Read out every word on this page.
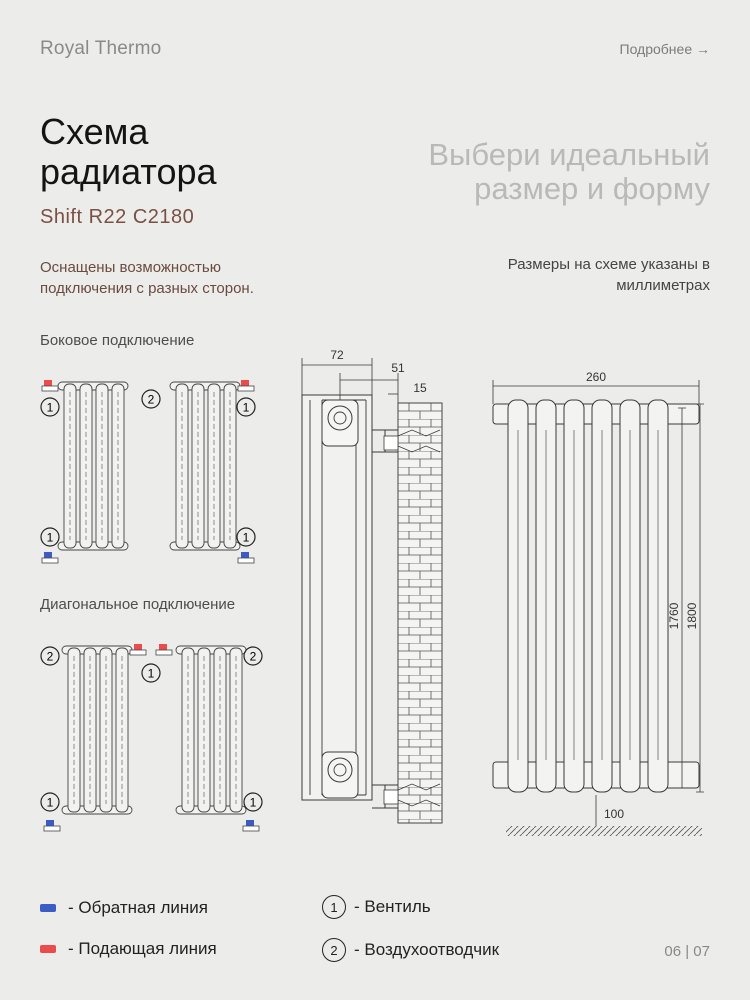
Royal Thermo	Подробнее →
Схема
радиатора
Shift R22 C2180
Выбери идеальный
размер и форму
Оснащены возможностью подключения с разных сторон.
Размеры на схеме указаны в миллиметрах
Боковое подключение
Диагональное подключение
1
1
2
1
1
2
1
2
1	1
72
51
15
260
1760 1800
100
- Обратная линия
- Подающая линия
1 - Вентиль
2 - Воздухоотводчик	06 | 07
